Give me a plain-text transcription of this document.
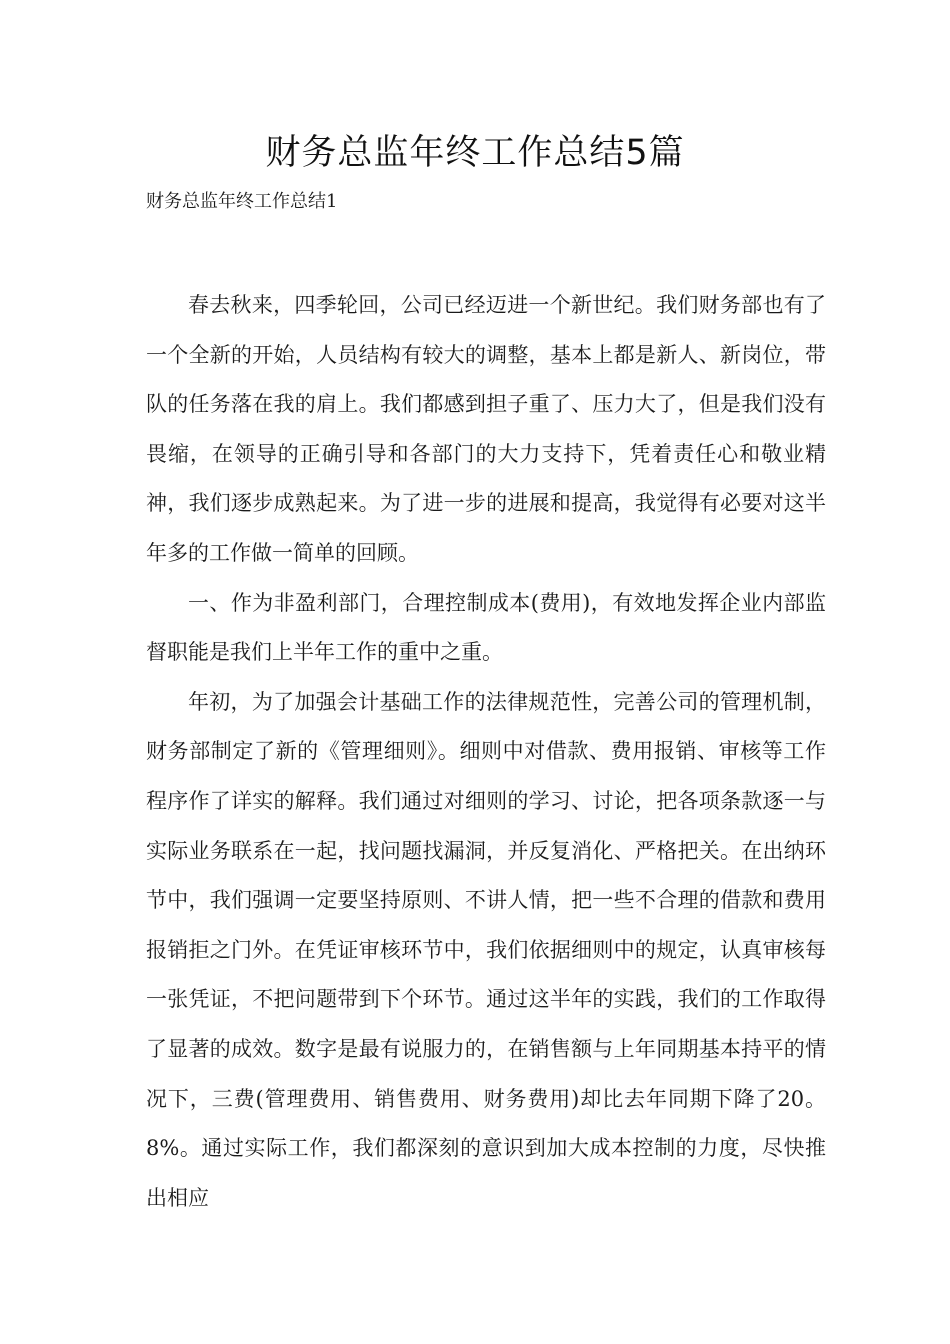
财务总监年终工作总结5篇

财务总监年终工作总结1

春去秋来，四季轮回，公司已经迈进一个新世纪。我们财务部也有了一个全新的开始，人员结构有较大的调整，基本上都是新人、新岗位，带队的任务落在我的肩上。我们都感到担子重了、压力大了，但是我们没有畏缩，在领导的正确引导和各部门的大力支持下，凭着责任心和敬业精神，我们逐步成熟起来。为了进一步的进展和提高，我觉得有必要对这半年多的工作做一简单的回顾。

一、作为非盈利部门，合理控制成本(费用)，有效地发挥企业内部监督职能是我们上半年工作的重中之重。

年初，为了加强会计基础工作的法律规范性，完善公司的管理机制，财务部制定了新的《管理细则》。细则中对借款、费用报销、审核等工作程序作了详实的解释。我们通过对细则的学习、讨论，把各项条款逐一与实际业务联系在一起，找问题找漏洞，并反复消化、严格把关。在出纳环节中，我们强调一定要坚持原则、不讲人情，把一些不合理的借款和费用报销拒之门外。在凭证审核环节中，我们依据细则中的规定，认真审核每一张凭证，不把问题带到下个环节。通过这半年的实践，我们的工作取得了显著的成效。数字是最有说服力的，在销售额与上年同期基本持平的情况下，三费(管理费用、销售费用、财务费用)却比去年同期下降了20。8%。通过实际工作，我们都深刻的意识到加大成本控制的力度，尽快推出相应
